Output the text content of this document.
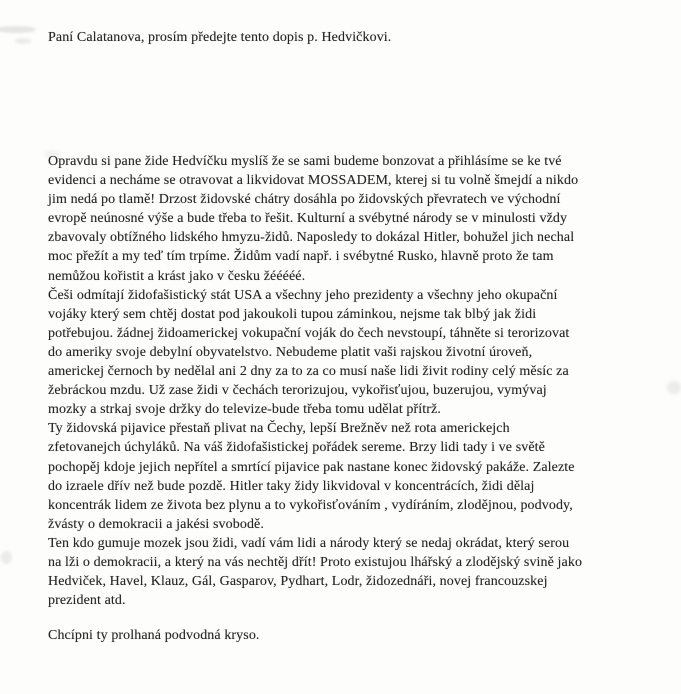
Paní Calatanova, prosím předejte tento dopis p. Hedvičkovi.

Opravdu si pane žide Hedvíčku myslíš že se sami budeme bonzovat a přihlásíme se ke tvé
evidenci a necháme se otravovat a likvidovat MOSSADEM, kterej si tu volně šmejdí a nikdo
jim nedá po tlamě! Drzost židovské chátry dosáhla po židovských převratech ve východní
evropě neúnosné výše a bude třeba to řešit. Kulturní a svébytné národy se v minulosti vždy
zbavovaly obtížného lidského hmyzu-židů. Naposledy to dokázal Hitler, bohužel jich nechal
moc přežít a my teď tím trpíme. Židům vadí např. i svébytné Rusko, hlavně proto že tam
nemůžou kořistit a krást jako v česku žééééé.
Češi odmítají židofašistický stát USA a všechny jeho prezidenty a všechny jeho okupační
vojáky který sem chtěj dostat pod jakoukoli tupou záminkou, nejsme tak blbý jak židi
potřebujou. žádnej židoamerickej vokupační voják do čech nevstoupí, táhněte si terorizovat
do ameriky svoje debylní obyvatelstvo. Nebudeme platit vaši rajskou životní úroveň,
americkej černoch by nedělal ani 2 dny za to za co musí naše lidi živit rodiny celý měsíc za
žebráckou mzdu. Už zase židi v čechách terorizujou, vykořisťujou, buzerujou, vymývaj
mozky a strkaj svoje držky do televize-bude třeba tomu udělat přítrž.
Ty židovská pijavice přestaň plivat na Čechy, lepší Brežněv než rota americkejch
zfetovanejch úchyláků. Na váš židofašistickej pořádek sereme. Brzy lidi tady i ve světě
pochopěj kdoje jejich nepřítel a smrtící pijavice pak nastane konec židovský pakáže. Zalezte
do izraele dřív než bude pozdě. Hitler taky židy likvidoval v koncentrácích, židi dělaj
koncentrák lidem ze života bez plynu a to vykořisťováním , vydíráním, zlodějnou, podvody,
žvásty o demokracii a jakési svobodě.
Ten kdo gumuje mozek jsou židi, vadí vám lidi a národy který se nedaj okrádat, který serou
na lži o demokracii, a který na vás nechtěj dřít! Proto existujou lhářský a zlodějský svině jako
Hedviček, Havel, Klauz, Gál, Gasparov, Pydhart, Lodr, židozednáři, novej francouzskej
prezident atd.

Chcípni ty prolhaná podvodná kryso.
